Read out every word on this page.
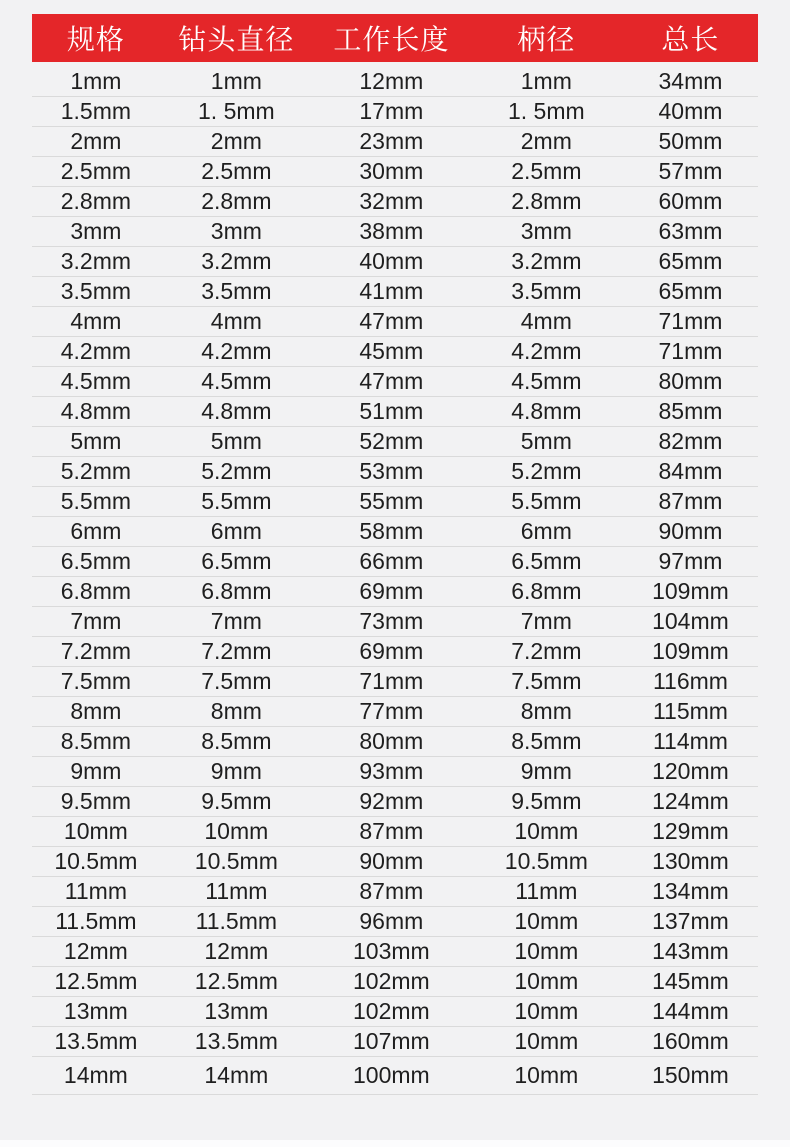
规格	钻头直径	工作长度	柄径	总长
1mm	1mm	12mm	1mm	34mm
1.5mm	1. 5mm	17mm	1. 5mm	40mm
2mm	2mm	23mm	2mm	50mm
2.5mm	2.5mm	30mm	2.5mm	57mm
2.8mm	2.8mm	32mm	2.8mm	60mm
3mm	3mm	38mm	3mm	63mm
3.2mm	3.2mm	40mm	3.2mm	65mm
3.5mm	3.5mm	41mm	3.5mm	65mm
4mm	4mm	47mm	4mm	71mm
4.2mm	4.2mm	45mm	4.2mm	71mm
4.5mm	4.5mm	47mm	4.5mm	80mm
4.8mm	4.8mm	51mm	4.8mm	85mm
5mm	5mm	52mm	5mm	82mm
5.2mm	5.2mm	53mm	5.2mm	84mm
5.5mm	5.5mm	55mm	5.5mm	87mm
6mm	6mm	58mm	6mm	90mm
6.5mm	6.5mm	66mm	6.5mm	97mm
6.8mm	6.8mm	69mm	6.8mm	109mm
7mm	7mm	73mm	7mm	104mm
7.2mm	7.2mm	69mm	7.2mm	109mm
7.5mm	7.5mm	71mm	7.5mm	116mm
8mm	8mm	77mm	8mm	115mm
8.5mm	8.5mm	80mm	8.5mm	114mm
9mm	9mm	93mm	9mm	120mm
9.5mm	9.5mm	92mm	9.5mm	124mm
10mm	10mm	87mm	10mm	129mm
10.5mm	10.5mm	90mm	10.5mm	130mm
11mm	11mm	87mm	11mm	134mm
11.5mm	11.5mm	96mm	10mm	137mm
12mm	12mm	103mm	10mm	143mm
12.5mm	12.5mm	102mm	10mm	145mm
13mm	13mm	102mm	10mm	144mm
13.5mm	13.5mm	107mm	10mm	160mm
14mm	14mm	100mm	10mm	150mm
